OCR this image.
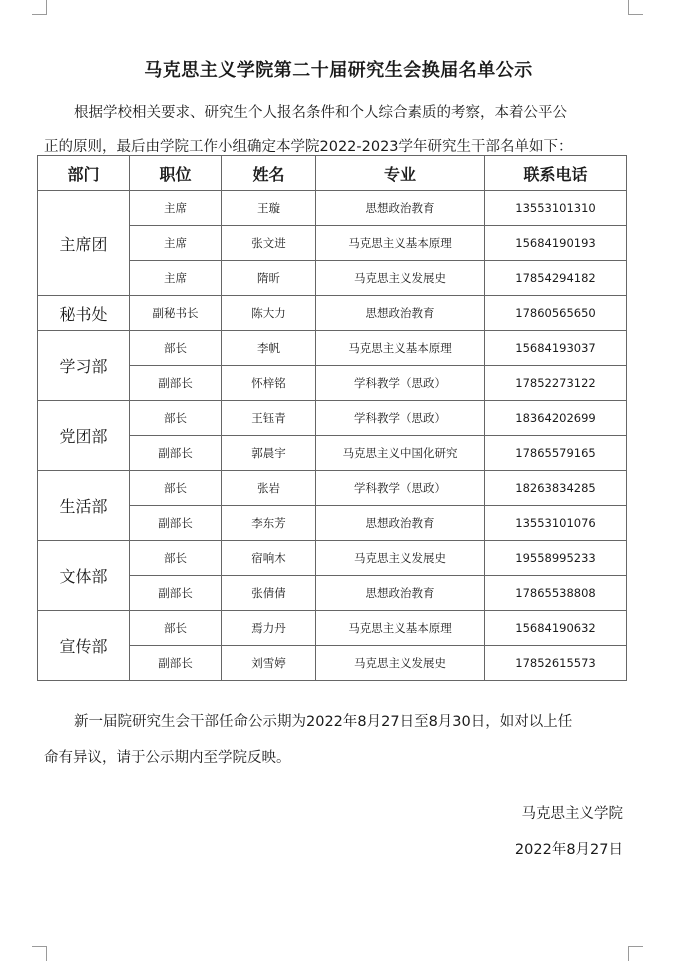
马克思主义学院第二十届研究生会换届名单公示
根据学校相关要求、研究生个人报名条件和个人综合素质的考察，本着公平公
正的原则，最后由学院工作小组确定本学院2022-2023学年研究生干部名单如下：
部门	职位	姓名	专业	联系电话
主席团	主席	王璇	思想政治教育	13553101310
	主席	张文进	马克思主义基本原理	15684190193
	主席	隋昕	马克思主义发展史	17854294182
秘书处	副秘书长	陈大力	思想政治教育	17860565650
学习部	部长	李帆	马克思主义基本原理	15684193037
	副部长	怀梓铭	学科教学（思政）	17852273122
党团部	部长	王钰青	学科教学（思政）	18364202699
	副部长	郭晨宇	马克思主义中国化研究	17865579165
生活部	部长	张岩	学科教学（思政）	18263834285
	副部长	李东芳	思想政治教育	13553101076
文体部	部长	宿响木	马克思主义发展史	19558995233
	副部长	张倩倩	思想政治教育	17865538808
宣传部	部长	焉力丹	马克思主义基本原理	15684190632
	副部长	刘雪婷	马克思主义发展史	17852615573
新一届院研究生会干部任命公示期为2022年8月27日至8月30日，如对以上任
命有异议，请于公示期内至学院反映。
马克思主义学院
2022年8月27日
